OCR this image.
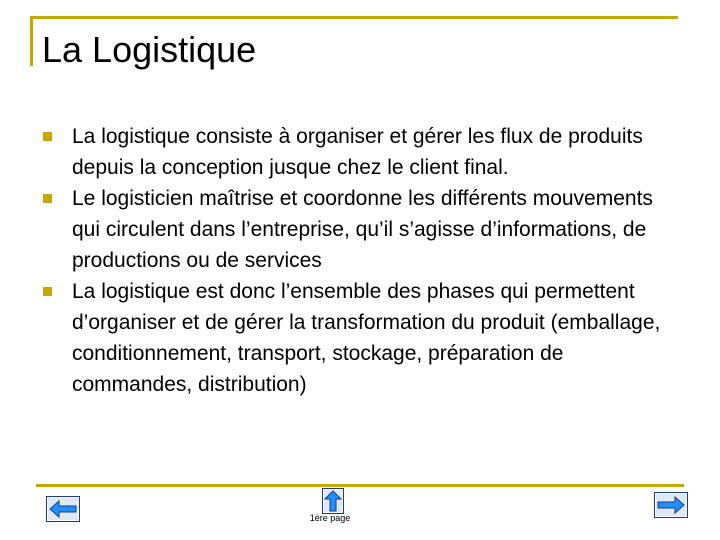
La Logistique
La logistique consiste à organiser et gérer les flux de produits depuis la conception jusque chez le client final.
Le logisticien maîtrise et coordonne les différents mouvements qui circulent dans l’entreprise, qu’il s’agisse d’informations, de productions ou de services
La logistique est donc l’ensemble des phases qui permettent d’organiser et de gérer la transformation du produit (emballage, conditionnement, transport, stockage, préparation de commandes, distribution)
1ère page
